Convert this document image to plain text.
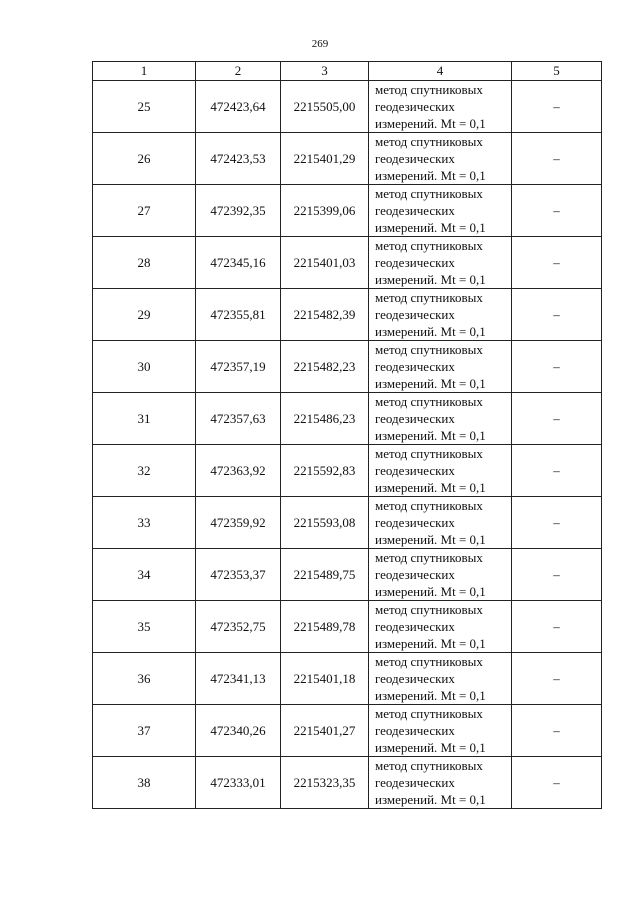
269
1	2	3	4	5
25	472423,64	2215505,00	метод спутниковых
геодезических
измерений. Mt = 0,1	–
26	472423,53	2215401,29	метод спутниковых
геодезических
измерений. Mt = 0,1	–
27	472392,35	2215399,06	метод спутниковых
геодезических
измерений. Mt = 0,1	–
28	472345,16	2215401,03	метод спутниковых
геодезических
измерений. Mt = 0,1	–
29	472355,81	2215482,39	метод спутниковых
геодезических
измерений. Mt = 0,1	–
30	472357,19	2215482,23	метод спутниковых
геодезических
измерений. Mt = 0,1	–
31	472357,63	2215486,23	метод спутниковых
геодезических
измерений. Mt = 0,1	–
32	472363,92	2215592,83	метод спутниковых
геодезических
измерений. Mt = 0,1	–
33	472359,92	2215593,08	метод спутниковых
геодезических
измерений. Mt = 0,1	–
34	472353,37	2215489,75	метод спутниковых
геодезических
измерений. Mt = 0,1	–
35	472352,75	2215489,78	метод спутниковых
геодезических
измерений. Mt = 0,1	–
36	472341,13	2215401,18	метод спутниковых
геодезических
измерений. Mt = 0,1	–
37	472340,26	2215401,27	метод спутниковых
геодезических
измерений. Mt = 0,1	–
38	472333,01	2215323,35	метод спутниковых
геодезических
измерений. Mt = 0,1	–
